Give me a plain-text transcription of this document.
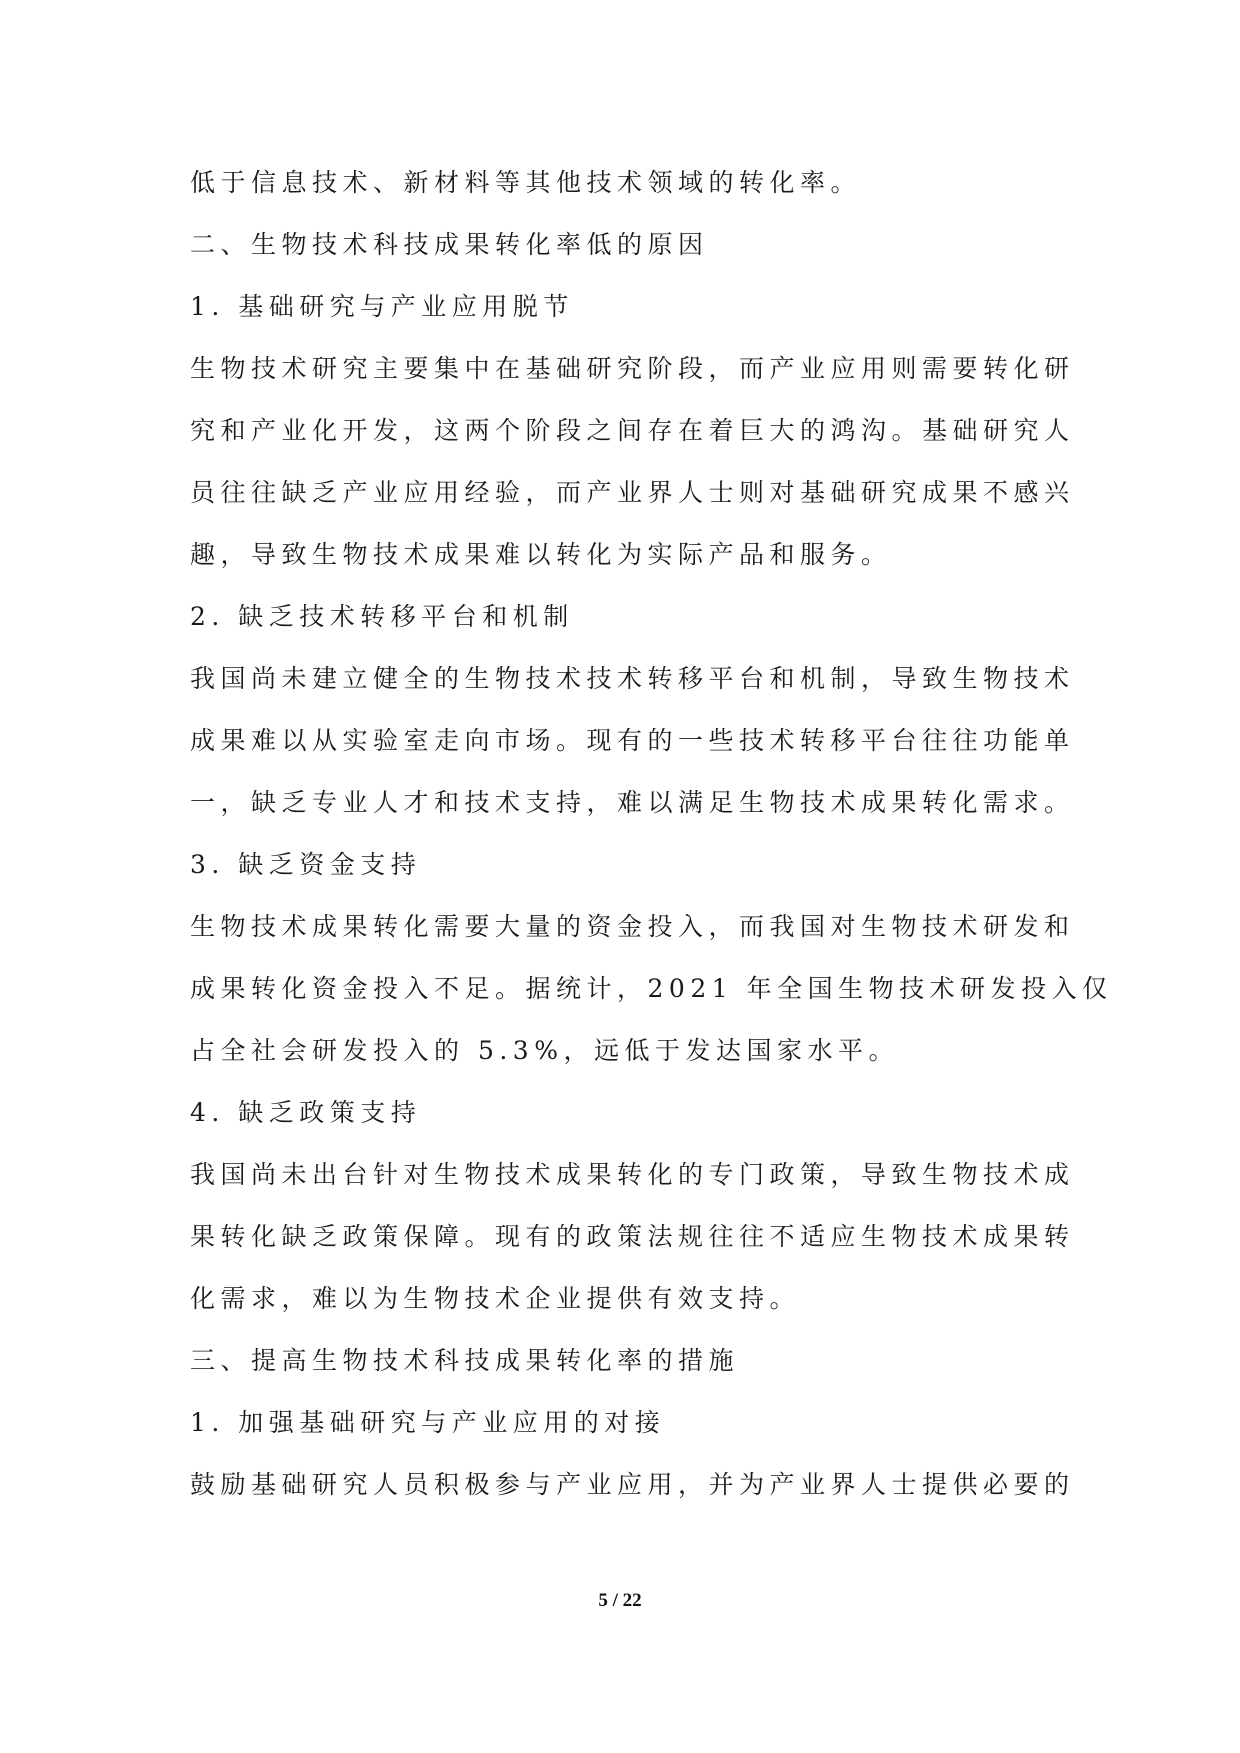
低于信息技术、新材料等其他技术领域的转化率。
二、生物技术科技成果转化率低的原因
1. 基础研究与产业应用脱节
生物技术研究主要集中在基础研究阶段，而产业应用则需要转化研
究和产业化开发，这两个阶段之间存在着巨大的鸿沟。基础研究人
员往往缺乏产业应用经验，而产业界人士则对基础研究成果不感兴
趣，导致生物技术成果难以转化为实际产品和服务。
2. 缺乏技术转移平台和机制
我国尚未建立健全的生物技术技术转移平台和机制，导致生物技术
成果难以从实验室走向市场。现有的一些技术转移平台往往功能单
一，缺乏专业人才和技术支持，难以满足生物技术成果转化需求。
3. 缺乏资金支持
生物技术成果转化需要大量的资金投入，而我国对生物技术研发和
成果转化资金投入不足。据统计，2021 年全国生物技术研发投入仅
占全社会研发投入的 5.3%，远低于发达国家水平。
4. 缺乏政策支持
我国尚未出台针对生物技术成果转化的专门政策，导致生物技术成
果转化缺乏政策保障。现有的政策法规往往不适应生物技术成果转
化需求，难以为生物技术企业提供有效支持。
三、提高生物技术科技成果转化率的措施
1. 加强基础研究与产业应用的对接
鼓励基础研究人员积极参与产业应用，并为产业界人士提供必要的
5 / 22
